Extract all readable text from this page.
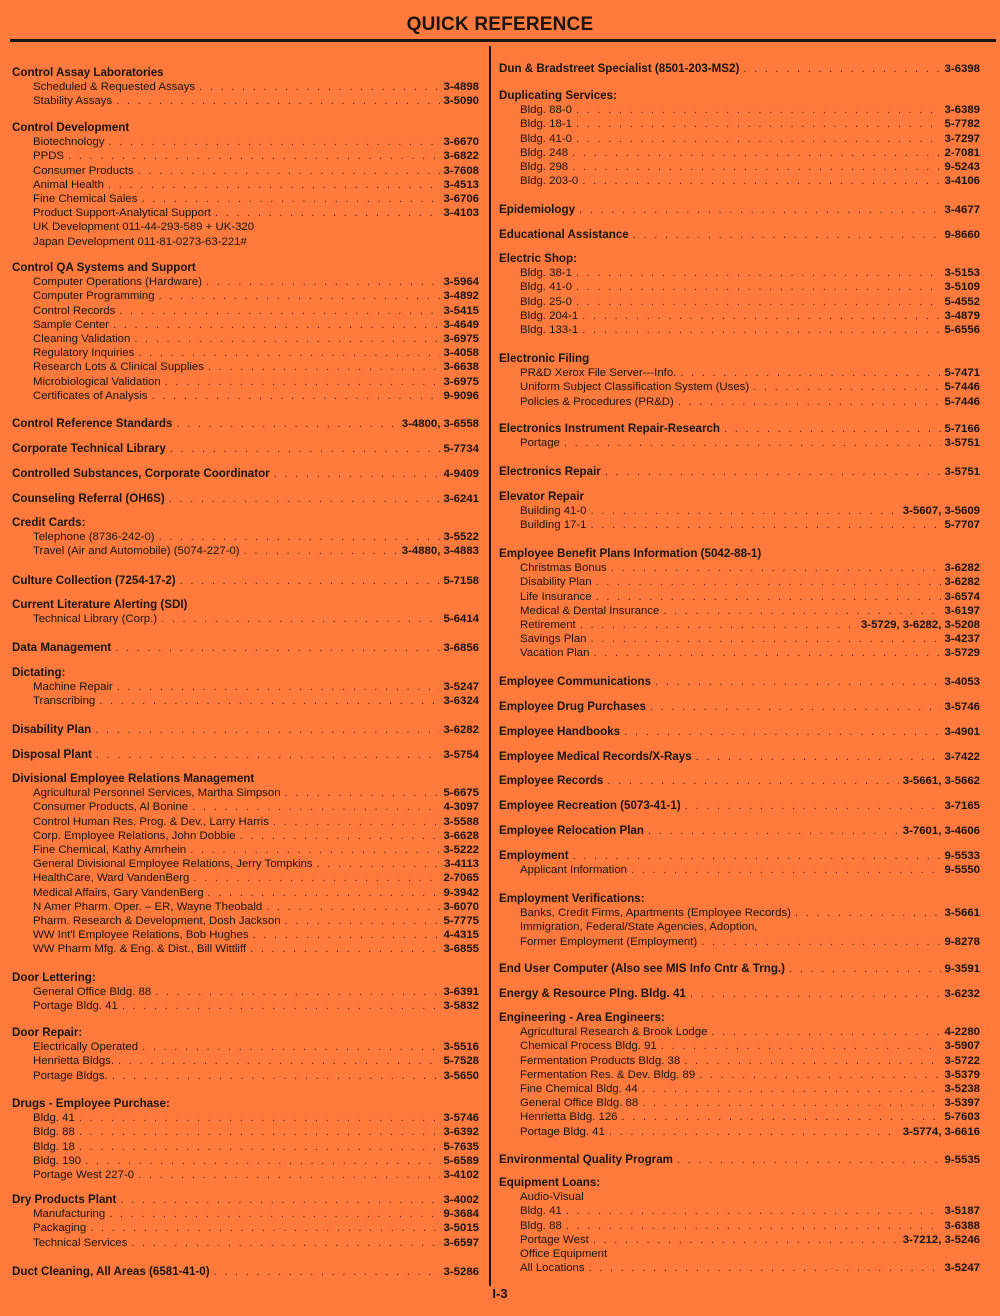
QUICK REFERENCE
Control Assay Laboratories
Scheduled & Requested Assays . . .	3-4898
Stability Assays . . .	3-5090
Control Development
Biotechnology . . .	3-6670
PPDS . . .	3-6822
Consumer Products . . .	3-7608
Animal Health . . .	3-4513
Fine Chemical Sales . . .	3-6706
Product Support-Analytical Support . . .	3-4103
UK Development 011-44-293-589 + UK-320
Japan Development 011-81-0273-63-221#
Control QA Systems and Support
Computer Operations (Hardware) . . .	3-5964
Computer Programming . . .	3-4892
Control Records . . .	3-5415
Sample Center . . .	3-4649
Cleaning Validation . . .	3-6975
Regulatory Inquiries . . .	3-4058
Research Lots & Clinical Supplies . . .	3-6638
Microbiological Validation . . .	3-6975
Certificates of Analysis . . .	9-9096
Control Reference Standards . . .	3-4800, 3-6558
Corporate Technical Library . . .	5-7734
Controlled Substances, Corporate Coordinator . . .	4-9409
Counseling Referral (OH6S) . . .	3-6241
Credit Cards:
Telephone (8736-242-0) . . .	3-5522
Travel (Air and Automobile) (5074-227-0) . . .	3-4880, 3-4883
Culture Collection (7254-17-2) . . .	5-7158
Current Literature Alerting (SDI)
Technical Library (Corp.) . . .	5-6414
Data Management . . .	3-6856
Dictating:
Machine Repair . . .	3-5247
Transcribing . . .	3-6324
Disability Plan . . .	3-6282
Disposal Plant . . .	3-5754
Divisional Employee Relations Management
Agricultural Personnel Services, Martha Simpson . . .	5-6675
Consumer Products, Al Bonine . . .	4-3097
Control Human Res. Prog. & Dev., Larry Harris . . .	3-5588
Corp. Employee Relations, John Dobbie . . .	3-6628
Fine Chemical, Kathy Amrhein . . .	3-5222
General Divisional Employee Relations, Jerry Tompkins . . .	3-4113
HealthCare, Ward VandenBerg . . .	2-7065
Medical Affairs, Gary VandenBerg . . .	9-3942
N Amer Pharm. Oper. – ER, Wayne Theobald . . .	3-6070
Pharm. Research & Development, Dosh Jackson . . .	5-7775
WW Int'l Employee Relations, Bob Hughes . . .	4-4315
WW Pharm Mfg. & Eng. & Dist., Bill Wittliff . . .	3-6855
Door Lettering:
General Office Bldg. 88 . . .	3-6391
Portage Bldg. 41 . . .	3-5832
Door Repair:
Electrically Operated . . .	3-5516
Henrietta Bldgs. . . .	5-7528
Portage Bldgs. . . .	3-5650
Drugs - Employee Purchase:
Bldg. 41 . . .	3-5746
Bldg. 88 . . .	3-6392
Bldg. 18 . . .	5-7635
Bldg. 190 . . .	5-6589
Portage West 227-0 . . .	3-4102
Dry Products Plant . . .	3-4002
Manufacturing . . .	9-3684
Packaging . . .	3-5015
Technical Services . . .	3-6597
Duct Cleaning, All Areas (6581-41-0) . . .	3-5286
Dun & Bradstreet Specialist (8501-203-MS2) . . .	3-6398
Duplicating Services:
Bldg. 88-0 . . .	3-6389
Bldg. 18-1 . . .	5-7782
Bldg. 41-0 . . .	3-7297
Bldg. 248 . . .	2-7081
Bldg. 298 . . .	9-5243
Bldg. 203-0 . . .	3-4106
Epidemiology . . .	3-4677
Educational Assistance . . .	9-8660
Electric Shop:
Bldg. 38-1 . . .	3-5153
Bldg. 41-0 . . .	3-5109
Bldg. 25-0 . . .	5-4552
Bldg. 204-1 . . .	3-4879
Bldg. 133-1 . . .	5-6556
Electronic Filing
PR&D Xerox File Server---Info. . . .	5-7471
Uniform Subject Classification System (Uses) . . .	5-7446
Policies & Procedures (PR&D) . . .	5-7446
Electronics Instrument Repair-Research . . .	5-7166
Portage . . .	3-5751
Electronics Repair . . .	3-5751
Elevator Repair
Building 41-0 . . .	3-5607, 3-5609
Building 17-1 . . .	5-7707
Employee Benefit Plans Information (5042-88-1)
Christmas Bonus . . .	3-6282
Disability Plan . . .	3-6282
Life Insurance . . .	3-6574
Medical & Dental Insurance . . .	3-6197
Retirement . . .	3-5729, 3-6282, 3-5208
Savings Plan . . .	3-4237
Vacation Plan . . .	3-5729
Employee Communications . . .	3-4053
Employee Drug Purchases . . .	3-5746
Employee Handbooks . . .	3-4901
Employee Medical Records/X-Rays . . .	3-7422
Employee Records . . .	3-5661, 3-5662
Employee Recreation (5073-41-1) . . .	3-7165
Employee Relocation Plan . . .	3-7601, 3-4606
Employment . . .	9-5533
Applicant Information . . .	9-5550
Employment Verifications:
Banks, Credit Firms, Apartments (Employee Records) . . .	3-5661
Immigration, Federal/State Agencies, Adoption,
Former Employment (Employment) . . .	9-8278
End User Computer (Also see MIS Info Cntr & Trng.) . . .	9-3591
Energy & Resource Plng. Bldg. 41 . . .	3-6232
Engineering - Area Engineers:
Agricultural Research & Brook Lodge . . .	4-2280
Chemical Process Bldg. 91 . . .	3-5907
Fermentation Products Bldg. 38 . . .	3-5722
Fermentation Res. & Dev. Bldg. 89 . . .	3-5379
Fine Chemical Bldg. 44 . . .	3-5238
General Office Bldg. 88 . . .	3-5397
Henrietta Bldg. 126 . . .	5-7603
Portage Bldg. 41 . . .	3-5774, 3-6616
Environmental Quality Program . . .	9-5535
Equipment Loans:
Audio-Visual
Bldg. 41 . . .	3-5187
Bldg. 88 . . .	3-6388
Portage West . . .	3-7212, 3-5246
Office Equipment
All Locations . . .	3-5247
I-3
